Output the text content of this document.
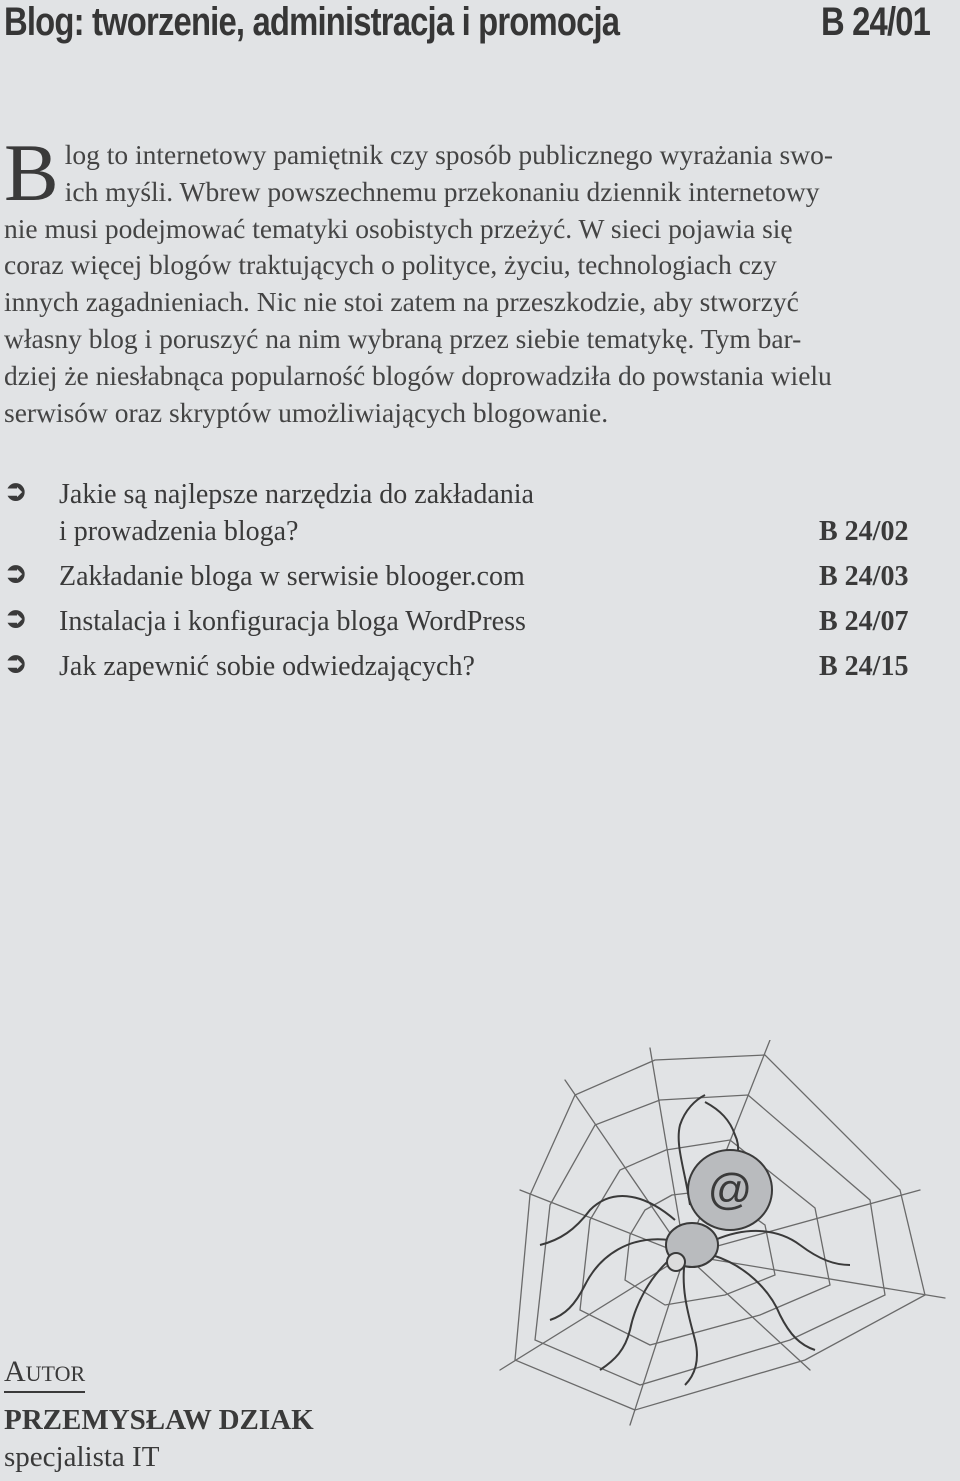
Blog: tworzenie, administracja i promocja	B 24/01
B log to internetowy pamiętnik czy sposób publicznego wyrażania swo-
ich myśli. Wbrew powszechnemu przekonaniu dziennik internetowy
nie musi podejmować tematyki osobistych przeżyć. W sieci pojawia się
coraz więcej blogów traktujących o polityce, życiu, technologiach czy
innych zagadnieniach. Nic nie stoi zatem na przeszkodzie, aby stworzyć
własny blog i poruszyć na nim wybraną przez siebie tematykę. Tym bar-
dziej że niesłabnąca popularność blogów doprowadziła do powstania wielu
serwisów oraz skryptów umożliwiających blogowanie.
➲ Jakie są najlepsze narzędzia do zakładania
i prowadzenia bloga?	B 24/02
➲ Zakładanie bloga w serwisie blooger.com	B 24/03
➲ Instalacja i konfiguracja bloga WordPress	B 24/07
➲ Jak zapewnić sobie odwiedzających?	B 24/15
@
AUTOR
PRZEMYSŁAW DZIAK
specjalista IT
